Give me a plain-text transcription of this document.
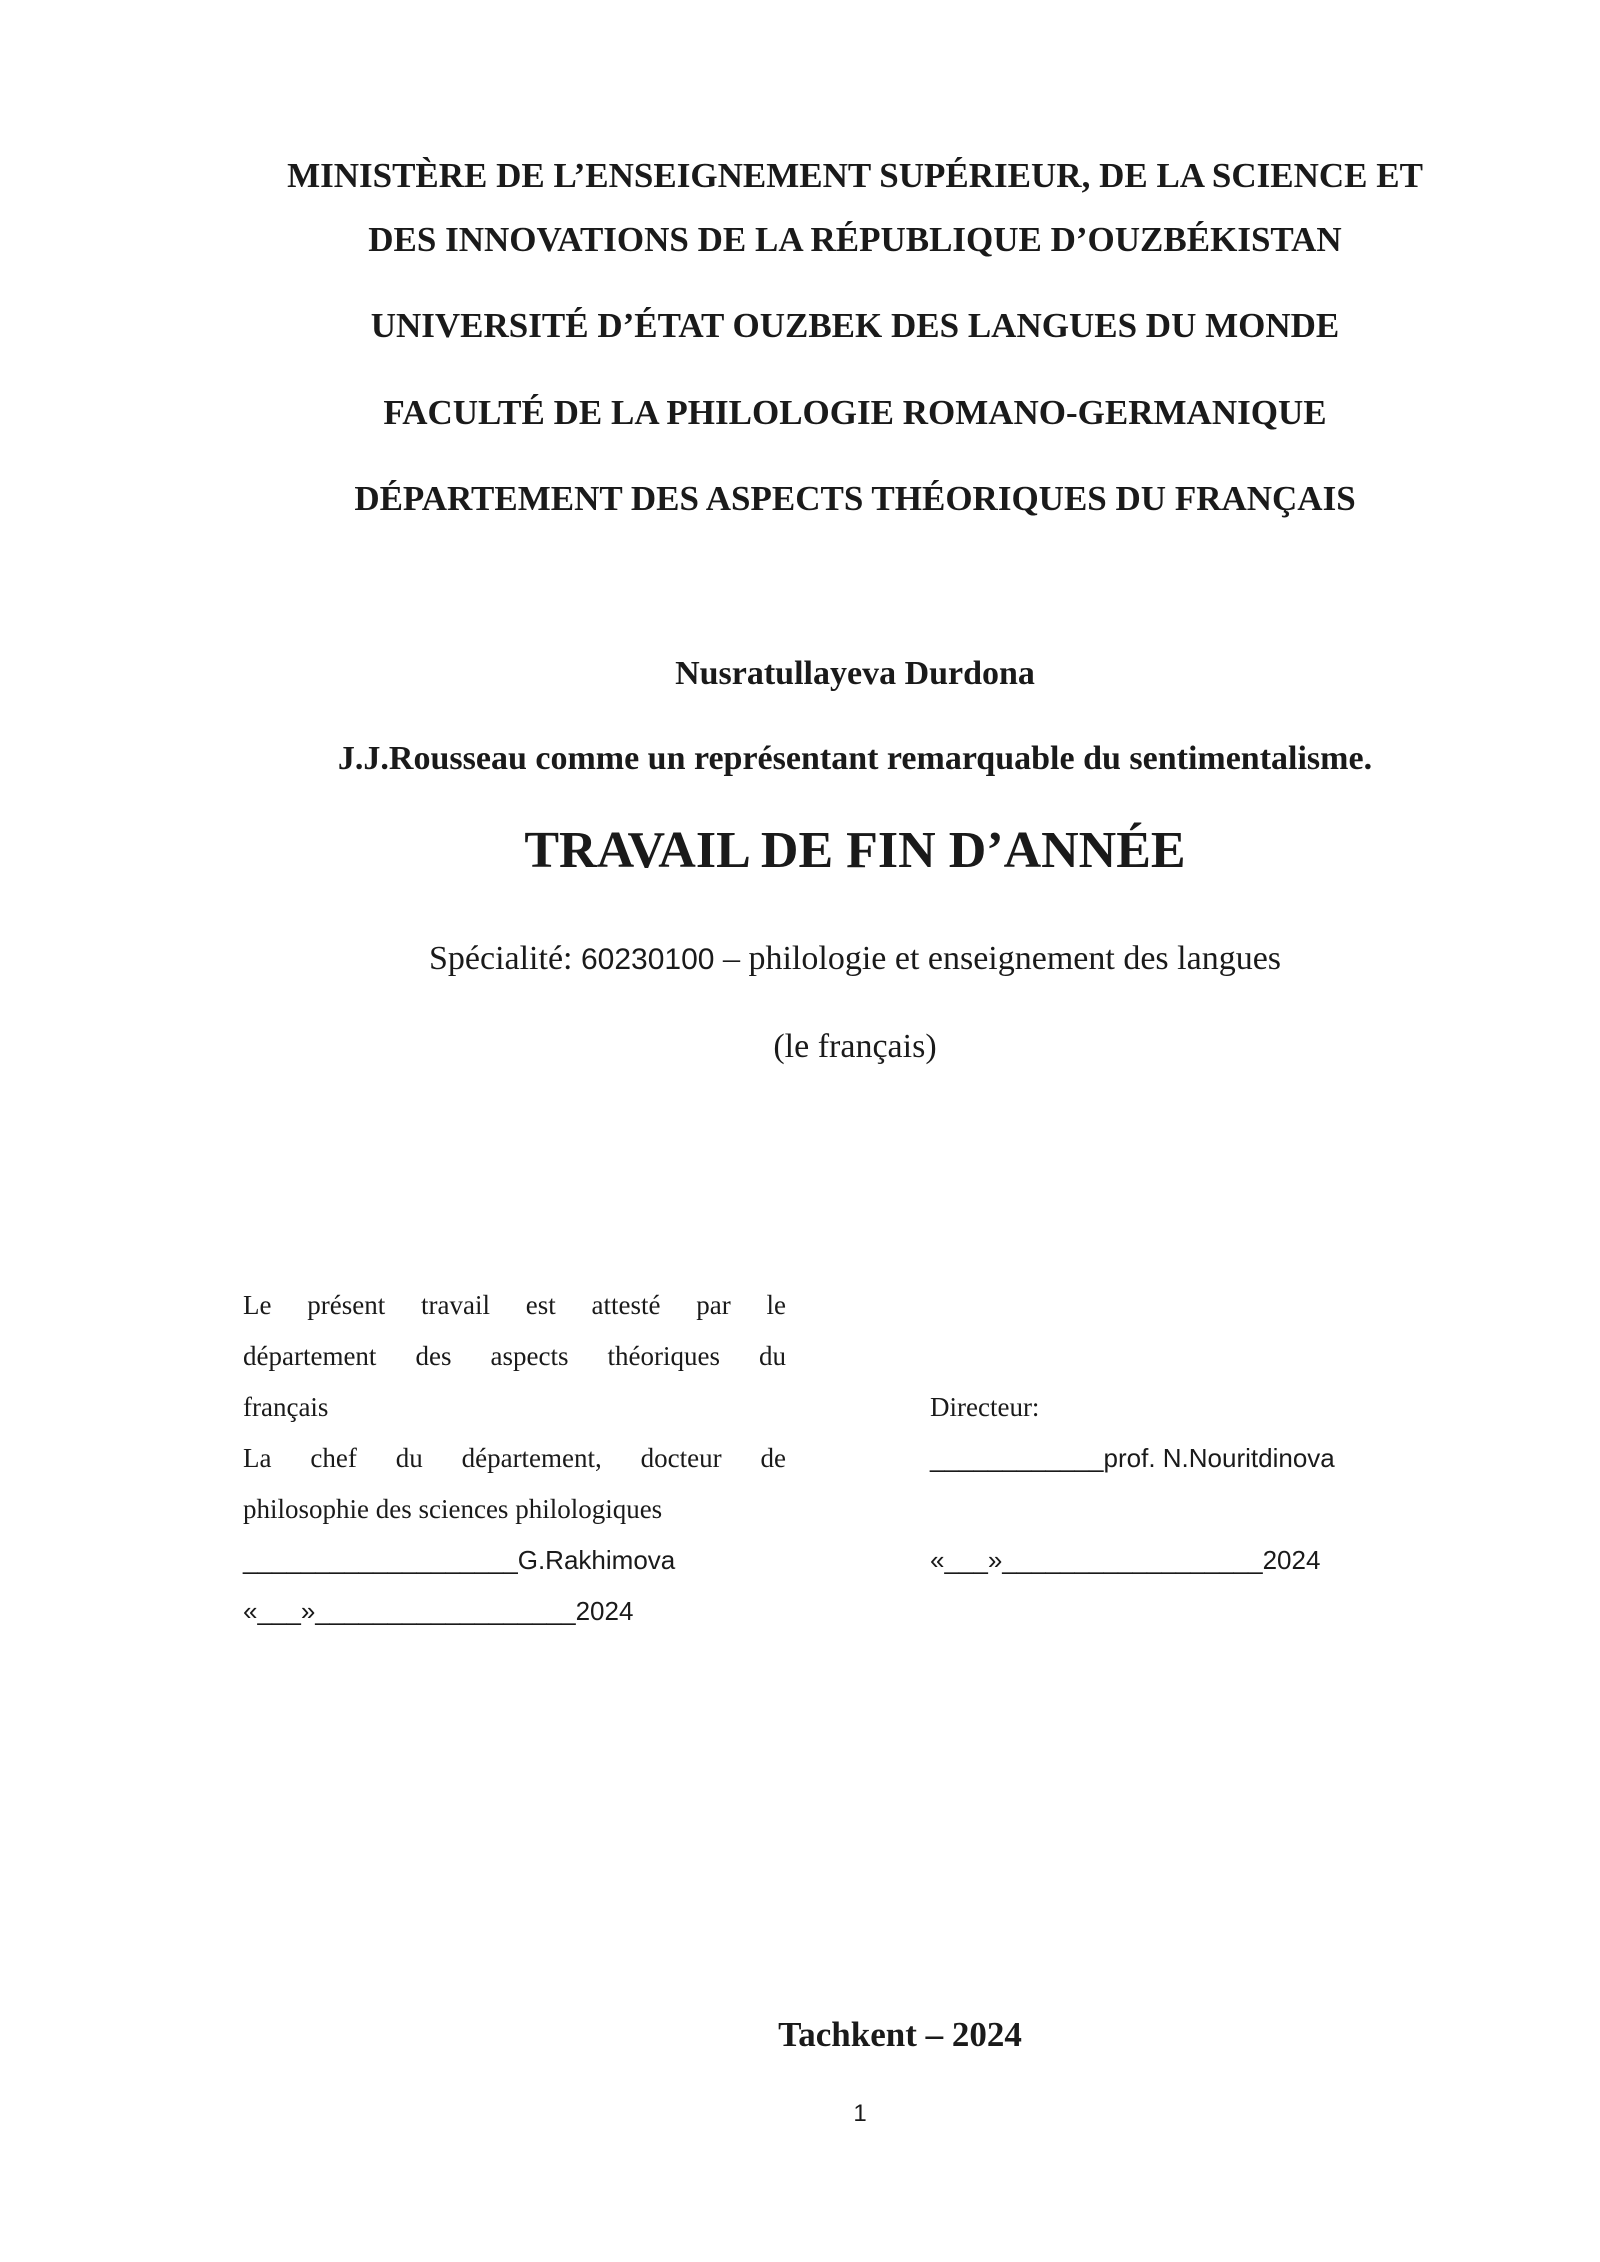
MINISTÈRE DE L’ENSEIGNEMENT SUPÉRIEUR, DE LA SCIENCE ET
DES INNOVATIONS DE LA RÉPUBLIQUE D’OUZBÉKISTAN
UNIVERSITÉ D’ÉTAT OUZBEK DES LANGUES DU MONDE
FACULTÉ DE LA PHILOLOGIE ROMANO-GERMANIQUE
DÉPARTEMENT DES ASPECTS THÉORIQUES DU FRANÇAIS
Nusratullayeva Durdona
J.J.Rousseau comme un représentant remarquable du sentimentalisme.
TRAVAIL DE FIN D’ANNÉE
Spécialité: 60230100 – philologie et enseignement des langues
(le français)

Le présent travail est attesté par le

département des aspects théoriques du

français

La chef du département, docteur de

philosophie des sciences philologiques

___________________G.Rakhimova

«___»__________________2024

Directeur:

____________prof. N.Nouritdinova

«___»__________________2024

Tachkent – 2024
1
